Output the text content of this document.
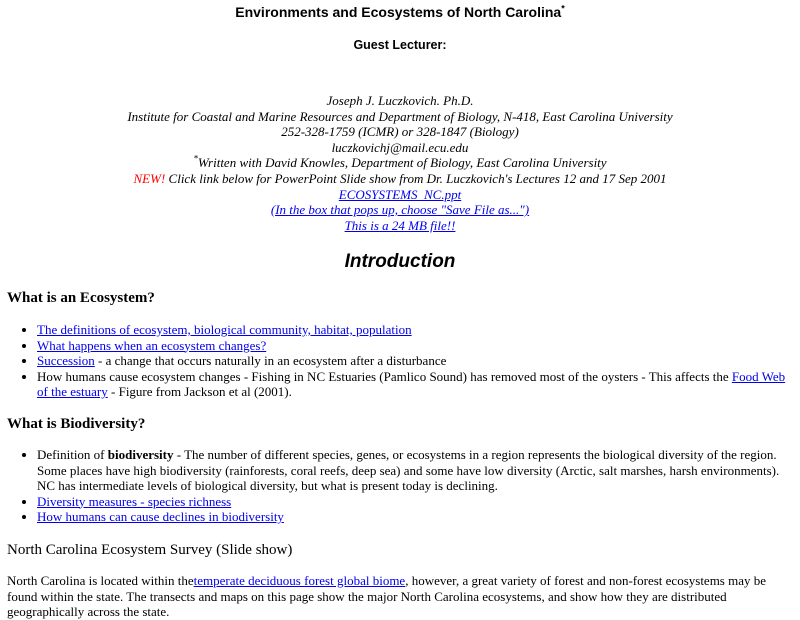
Environments and Ecosystems of North Carolina*
Guest Lecturer:
Joseph J. Luczkovich. Ph.D.
Institute for Coastal and Marine Resources and Department of Biology, N-418, East Carolina University
252-328-1759 (ICMR) or 328-1847 (Biology)
luczkovichj@mail.ecu.edu
*Written with David Knowles, Department of Biology, East Carolina University
NEW! Click link below for PowerPoint Slide show from Dr. Luczkovich's Lectures 12 and 17 Sep 2001
ECOSYSTEMS_NC.ppt
(In the box that pops up, choose "Save File as...")
This is a 24 MB file!!
Introduction
What is an Ecosystem?
• The definitions of ecosystem, biological community, habitat, population
• What happens when an ecosystem changes?
• Succession - a change that occurs naturally in an ecosystem after a disturbance
• How humans cause ecosystem changes - Fishing in NC Estuaries (Pamlico Sound) has removed most of the oysters - This affects the Food Web of the estuary - Figure from Jackson et al (2001).
What is Biodiversity?
• Definition of biodiversity - The number of different species, genes, or ecosystems in a region represents the biological diversity of the region. Some places have high biodiversity (rainforests, coral reefs, deep sea) and some have low diversity (Arctic, salt marshes, harsh environments). NC has intermediate levels of biological diversity, but what is present today is declining.
• Diversity measures - species richness
• How humans can cause declines in biodiversity
North Carolina Ecosystem Survey (Slide show)
North Carolina is located within thetemperate deciduous forest global biome, however, a great variety of forest and non-forest ecosystems may be found within the state. The transects and maps on this page show the major North Carolina ecosystems, and show how they are distributed geographically across the state.
